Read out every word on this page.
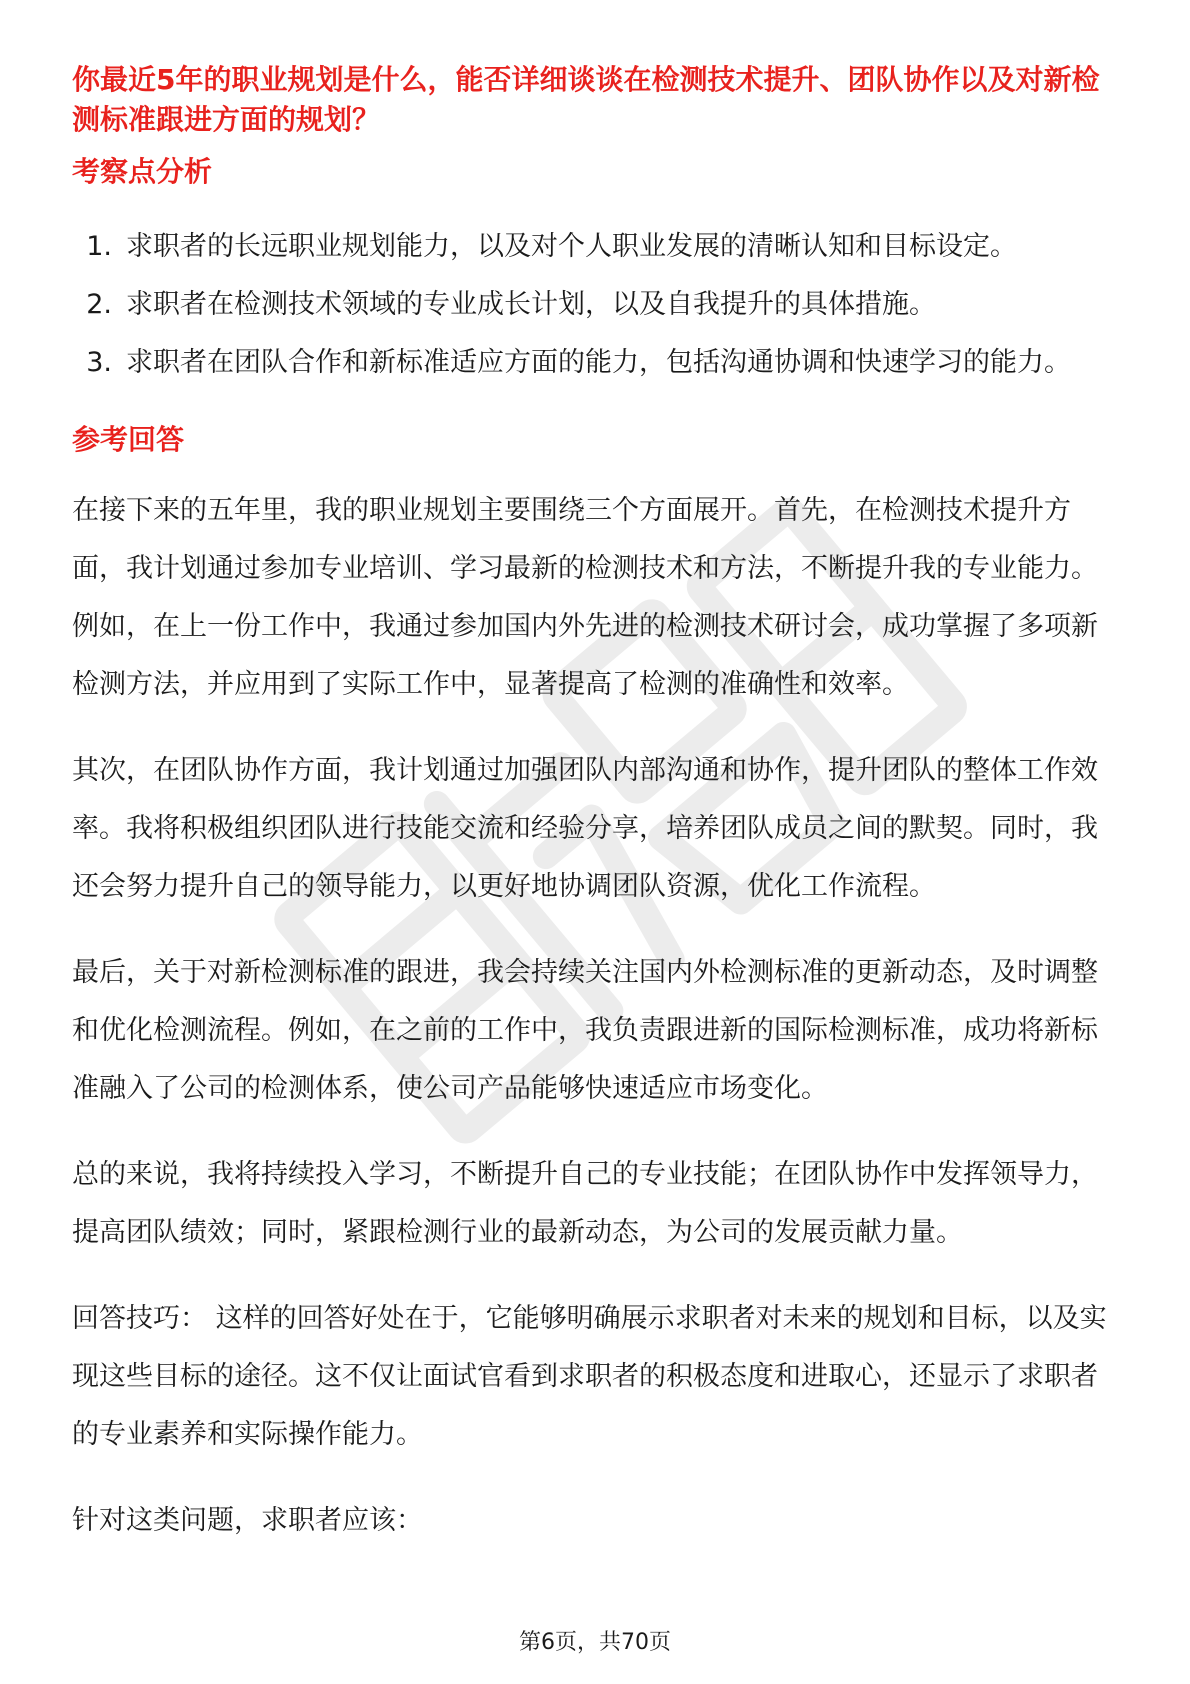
你最近5年的职业规划是什么，能否详细谈谈在检测技术提升、团队协作以及对新检测标准跟进方面的规划？

考察点分析

1. 求职者的长远职业规划能力，以及对个人职业发展的清晰认知和目标设定。
2. 求职者在检测技术领域的专业成长计划，以及自我提升的具体措施。
3. 求职者在团队合作和新标准适应方面的能力，包括沟通协调和快速学习的能力。

参考回答

在接下来的五年里，我的职业规划主要围绕三个方面展开。首先，在检测技术提升方面，我计划通过参加专业培训、学习最新的检测技术和方法，不断提升我的专业能力。例如，在上一份工作中，我通过参加国内外先进的检测技术研讨会，成功掌握了多项新检测方法，并应用到了实际工作中，显著提高了检测的准确性和效率。

其次，在团队协作方面，我计划通过加强团队内部沟通和协作，提升团队的整体工作效率。我将积极组织团队进行技能交流和经验分享，培养团队成员之间的默契。同时，我还会努力提升自己的领导能力，以更好地协调团队资源，优化工作流程。

最后，关于对新检测标准的跟进，我会持续关注国内外检测标准的更新动态，及时调整和优化检测流程。例如，在之前的工作中，我负责跟进新的国际检测标准，成功将新标准融入了公司的检测体系，使公司产品能够快速适应市场变化。

总的来说，我将持续投入学习，不断提升自己的专业技能；在团队协作中发挥领导力，提高团队绩效；同时，紧跟检测行业的最新动态，为公司的发展贡献力量。

回答技巧： 这样的回答好处在于，它能够明确展示求职者对未来的规划和目标，以及实现这些目标的途径。这不仅让面试官看到求职者的积极态度和进取心，还显示了求职者的专业素养和实际操作能力。

针对这类问题，求职者应该：

第6页，共70页
